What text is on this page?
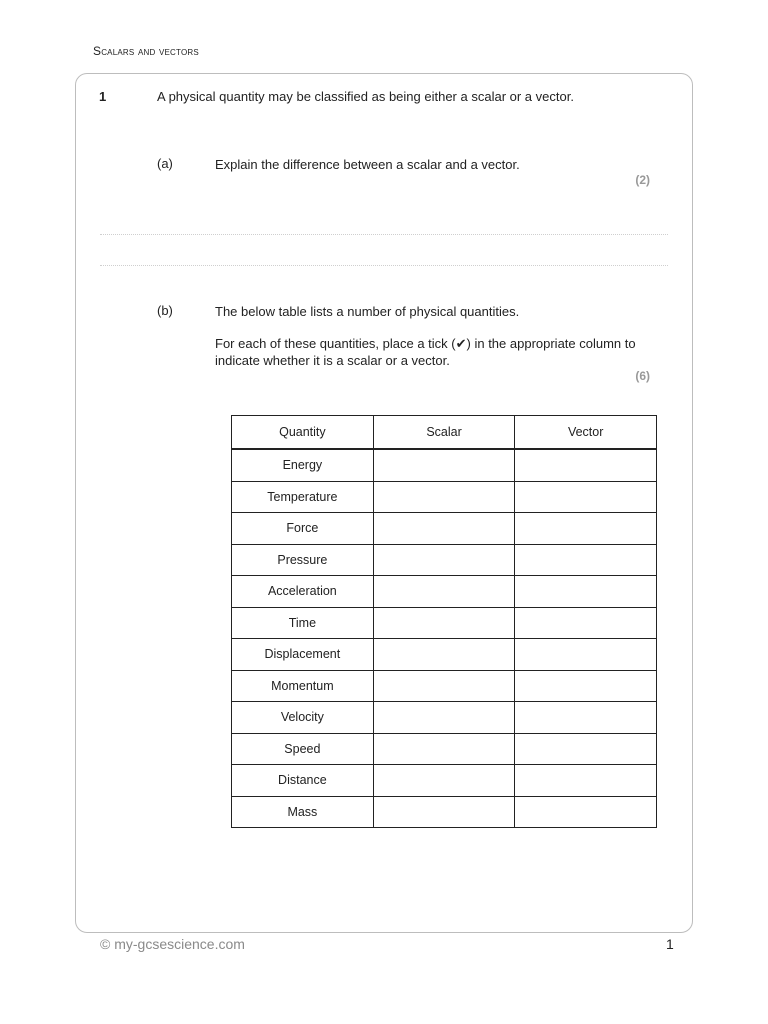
Scalars and vectors
1	A physical quantity may be classified as being either a scalar or a vector.
(a)	Explain the difference between a scalar and a vector.
(2)
(b)	The below table lists a number of physical quantities.
For each of these quantities, place a tick (✔) in the appropriate column to indicate whether it is a scalar or a vector.
(6)
Quantity	Scalar	Vector
Energy		
Temperature		
Force		
Pressure		
Acceleration		
Time		
Displacement		
Momentum		
Velocity		
Speed		
Distance		
Mass		
© my-gcsescience.com	1
